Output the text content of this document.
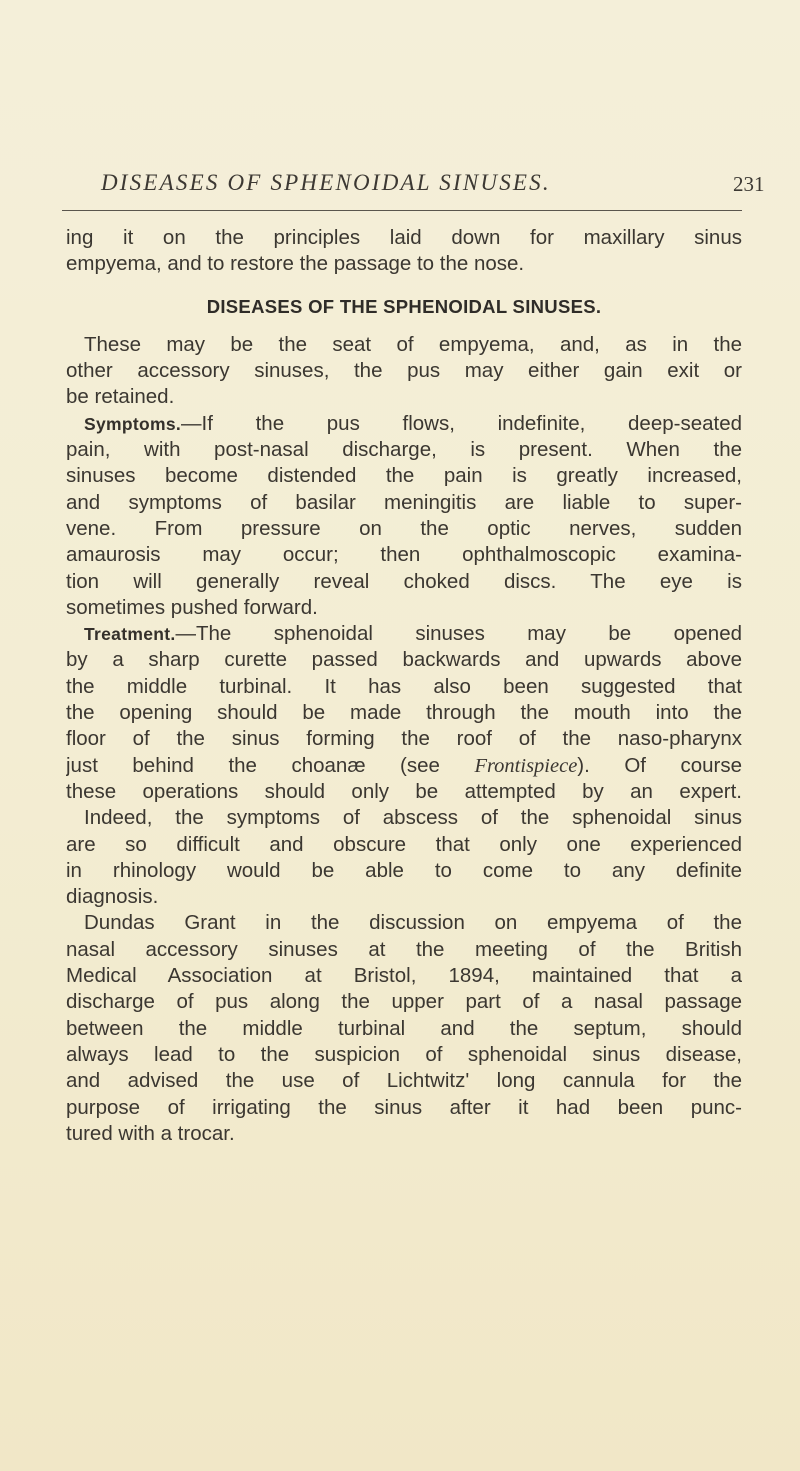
DISEASES OF SPHENOIDAL SINUSES.	231
ing it on the principles laid down for maxillary sinus
empyema, and to restore the passage to the nose.
DISEASES OF THE SPHENOIDAL SINUSES.
These may be the seat of empyema, and, as in the
other accessory sinuses, the pus may either gain exit or
be retained.
Symptoms.—If the pus flows, indefinite, deep-seated
pain, with post-nasal discharge, is present. When the
sinuses become distended the pain is greatly increased,
and symptoms of basilar meningitis are liable to super-
vene. From pressure on the optic nerves, sudden
amaurosis may occur; then ophthalmoscopic examina-
tion will generally reveal choked discs. The eye is
sometimes pushed forward.
Treatment.—The sphenoidal sinuses may be opened
by a sharp curette passed backwards and upwards above
the middle turbinal. It has also been suggested that
the opening should be made through the mouth into the
floor of the sinus forming the roof of the naso-pharynx
just behind the choanæ (see Frontispiece). Of course
these operations should only be attempted by an expert.
Indeed, the symptoms of abscess of the sphenoidal sinus
are so difficult and obscure that only one experienced
in rhinology would be able to come to any definite
diagnosis.
Dundas Grant in the discussion on empyema of the
nasal accessory sinuses at the meeting of the British
Medical Association at Bristol, 1894, maintained that a
discharge of pus along the upper part of a nasal passage
between the middle turbinal and the septum, should
always lead to the suspicion of sphenoidal sinus disease,
and advised the use of Lichtwitz' long cannula for the
purpose of irrigating the sinus after it had been punc-
tured with a trocar.
